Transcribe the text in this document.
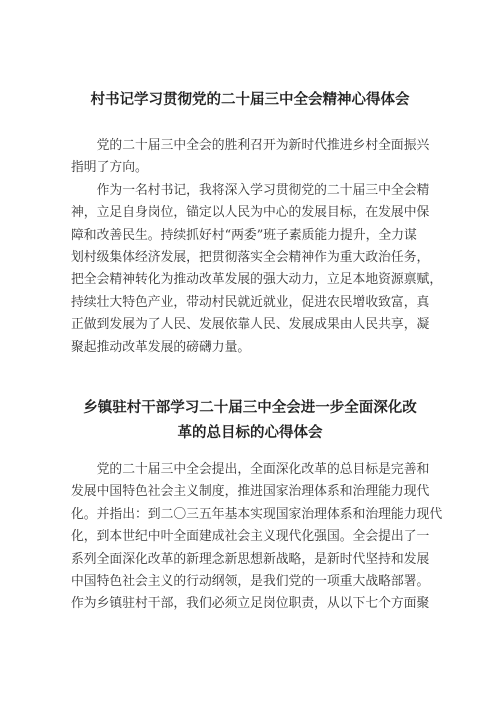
村书记学习贯彻党的二十届三中全会精神心得体会
　　党的二十届三中全会的胜利召开为新时代推进乡村全面振兴
指明了方向。
　　作为一名村书记，我将深入学习贯彻党的二十届三中全会精
神，立足自身岗位，锚定以人民为中心的发展目标，在发展中保
障和改善民生。持续抓好村“两委”班子素质能力提升，全力谋
划村级集体经济发展，把贯彻落实全会精神作为重大政治任务，
把全会精神转化为推动改革发展的强大动力，立足本地资源禀赋，
持续壮大特色产业，带动村民就近就业，促进农民增收致富，真
正做到发展为了人民、发展依靠人民、发展成果由人民共享，凝
聚起推动改革发展的磅礴力量。
乡镇驻村干部学习二十届三中全会进一步全面深化改
革的总目标的心得体会
　　党的二十届三中全会提出，全面深化改革的总目标是完善和
发展中国特色社会主义制度，推进国家治理体系和治理能力现代
化。并指出：到二〇三五年基本实现国家治理体系和治理能力现代
化，到本世纪中叶全面建成社会主义现代化强国。全会提出了一
系列全面深化改革的新理念新思想新战略，是新时代坚持和发展
中国特色社会主义的行动纲领，是我们党的一项重大战略部署。
作为乡镇驻村干部，我们必须立足岗位职责，从以下七个方面聚
